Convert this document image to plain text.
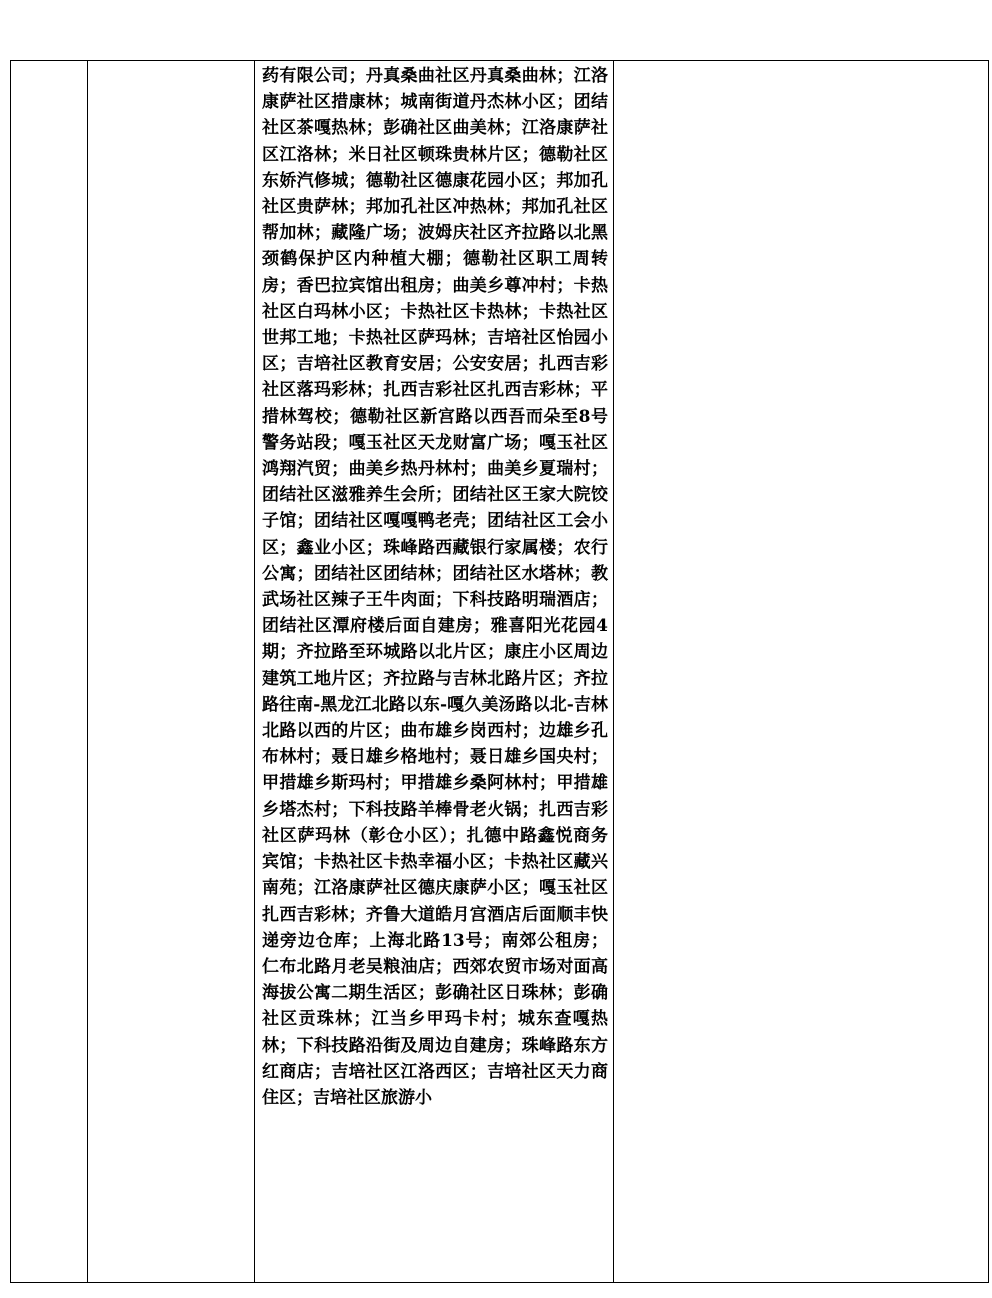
药有限公司；丹真桑曲社区丹真桑曲林；江洛康萨社区措康林；城南街道丹杰林小区；团结社区茶嘎热林；彭确社区曲美林；江洛康萨社区江洛林；米日社区顿珠贵林片区；德勒社区东娇汽修城；德勒社区德康花园小区；邦加孔社区贵萨林；邦加孔社区冲热林；邦加孔社区帮加林；藏隆广场；波姆庆社区齐拉路以北黑颈鹤保护区内种植大棚；德勒社区职工周转房；香巴拉宾馆出租房；曲美乡尊冲村；卡热社区白玛林小区；卡热社区卡热林；卡热社区世邦工地；卡热社区萨玛林；吉培社区怡园小区；吉培社区教育安居；公安安居；扎西吉彩社区落玛彩林；扎西吉彩社区扎西吉彩林；平措林驾校；德勒社区新宫路以西吾而朵至8号警务站段；嘎玉社区天龙财富广场；嘎玉社区鸿翔汽贸；曲美乡热丹林村；曲美乡夏瑞村；团结社区滋雅养生会所；团结社区王家大院饺子馆；团结社区嘎嘎鸭老壳；团结社区工会小区；鑫业小区；珠峰路西藏银行家属楼；农行公寓；团结社区团结林；团结社区水塔林；教武场社区辣子王牛肉面；下科技路明瑞酒店；团结社区潭府楼后面自建房；雅喜阳光花园4期；齐拉路至环城路以北片区；康庄小区周边建筑工地片区；齐拉路与吉林北路片区；齐拉路往南-黑龙江北路以东-嘎久美汤路以北-吉林北路以西的片区；曲布雄乡岗西村；边雄乡孔布林村；聂日雄乡格地村；聂日雄乡国央村；甲措雄乡斯玛村；甲措雄乡桑阿林村；甲措雄乡塔杰村；下科技路羊棒骨老火锅；扎西吉彩社区萨玛林（彰仓小区）；扎德中路鑫悦商务宾馆；卡热社区卡热幸福小区；卡热社区藏兴南苑；江洛康萨社区德庆康萨小区；嘎玉社区扎西吉彩林；齐鲁大道皓月宫酒店后面顺丰快递旁边仓库；上海北路13号；南郊公租房；仁布北路月老吴粮油店；西郊农贸市场对面高海拔公寓二期生活区；彭确社区日珠林；彭确社区贡珠林；江当乡甲玛卡村；城东查嘎热林；下科技路沿街及周边自建房；珠峰路东方红商店；吉培社区江洛西区；吉培社区天力商住区；吉培社区旅游小
